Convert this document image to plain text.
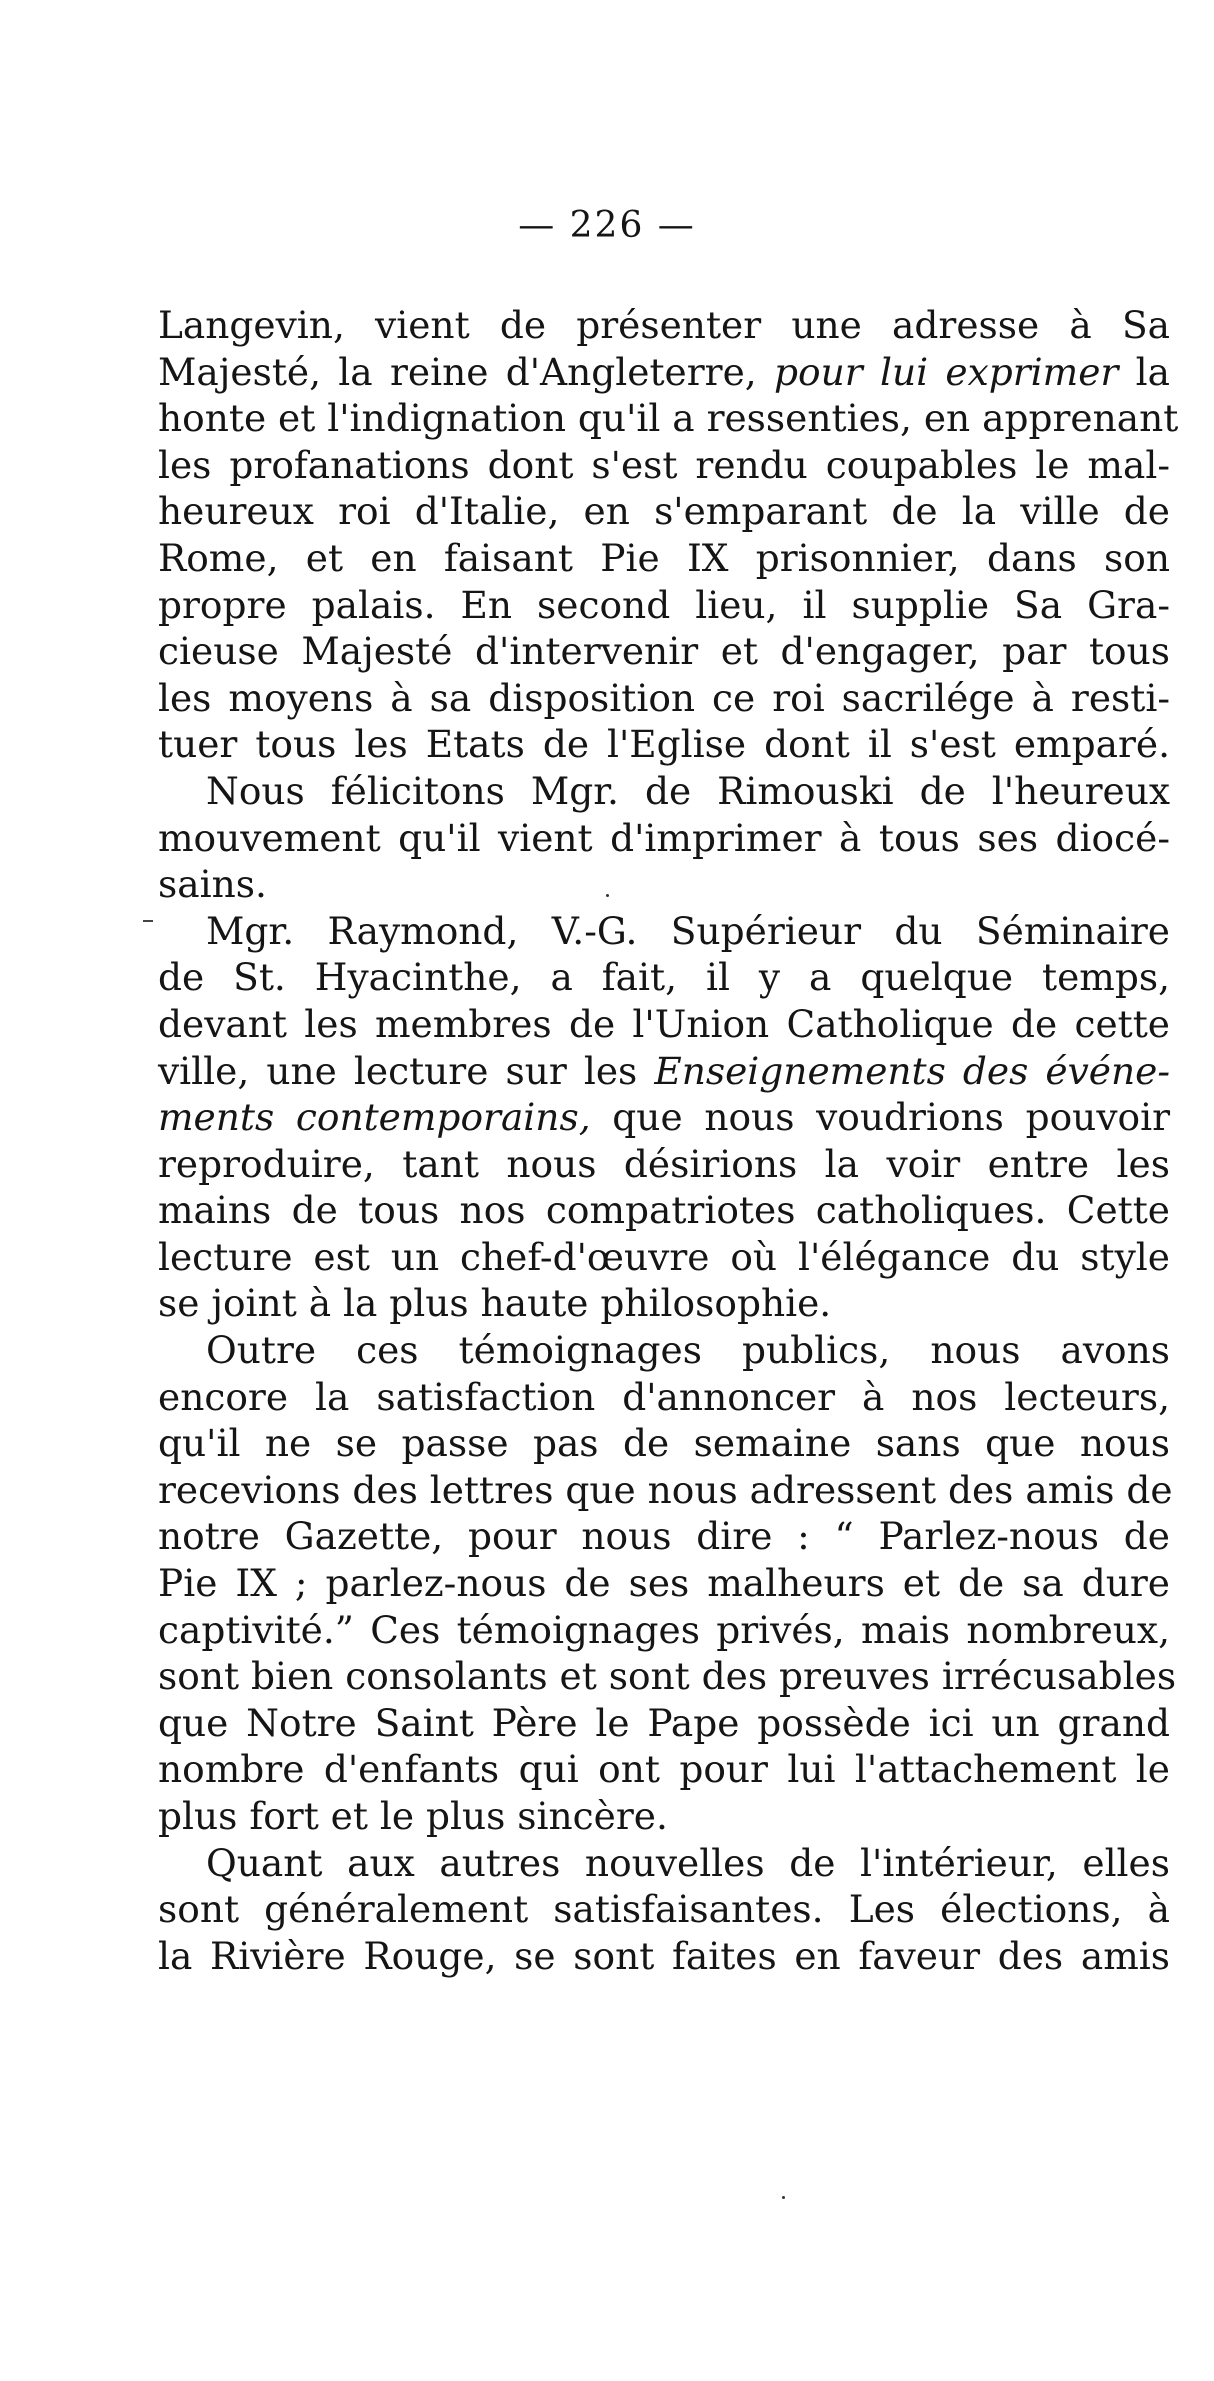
— 226 —
Langevin, vient de présenter une adresse à Sa
Majesté, la reine d'Angleterre, pour lui exprimer la
honte et l'indignation qu'il a ressenties, en apprenant
les profanations dont s'est rendu coupables le mal-
heureux roi d'Italie, en s'emparant de la ville de
Rome, et en faisant Pie IX prisonnier, dans son
propre palais. En second lieu, il supplie Sa Gra-
cieuse Majesté d'intervenir et d'engager, par tous
les moyens à sa disposition ce roi sacrilége à resti-
tuer tous les Etats de l'Eglise dont il s'est emparé.
Nous félicitons Mgr. de Rimouski de l'heureux
mouvement qu'il vient d'imprimer à tous ses diocé-
sains.
Mgr. Raymond, V.-G. Supérieur du Séminaire
de St. Hyacinthe, a fait, il y a quelque temps,
devant les membres de l'Union Catholique de cette
ville, une lecture sur les Enseignements des événe-
ments contemporains, que nous voudrions pouvoir
reproduire, tant nous désirions la voir entre les
mains de tous nos compatriotes catholiques. Cette
lecture est un chef-d'œuvre où l'élégance du style
se joint à la plus haute philosophie.
Outre ces témoignages publics, nous avons
encore la satisfaction d'annoncer à nos lecteurs,
qu'il ne se passe pas de semaine sans que nous
recevions des lettres que nous adressent des amis de
notre Gazette, pour nous dire : “ Parlez-nous de
Pie IX ; parlez-nous de ses malheurs et de sa dure
captivité.” Ces témoignages privés, mais nombreux,
sont bien consolants et sont des preuves irrécusables
que Notre Saint Père le Pape possède ici un grand
nombre d'enfants qui ont pour lui l'attachement le
plus fort et le plus sincère.
Quant aux autres nouvelles de l'intérieur, elles
sont généralement satisfaisantes. Les élections, à
la Rivière Rouge, se sont faites en faveur des amis
